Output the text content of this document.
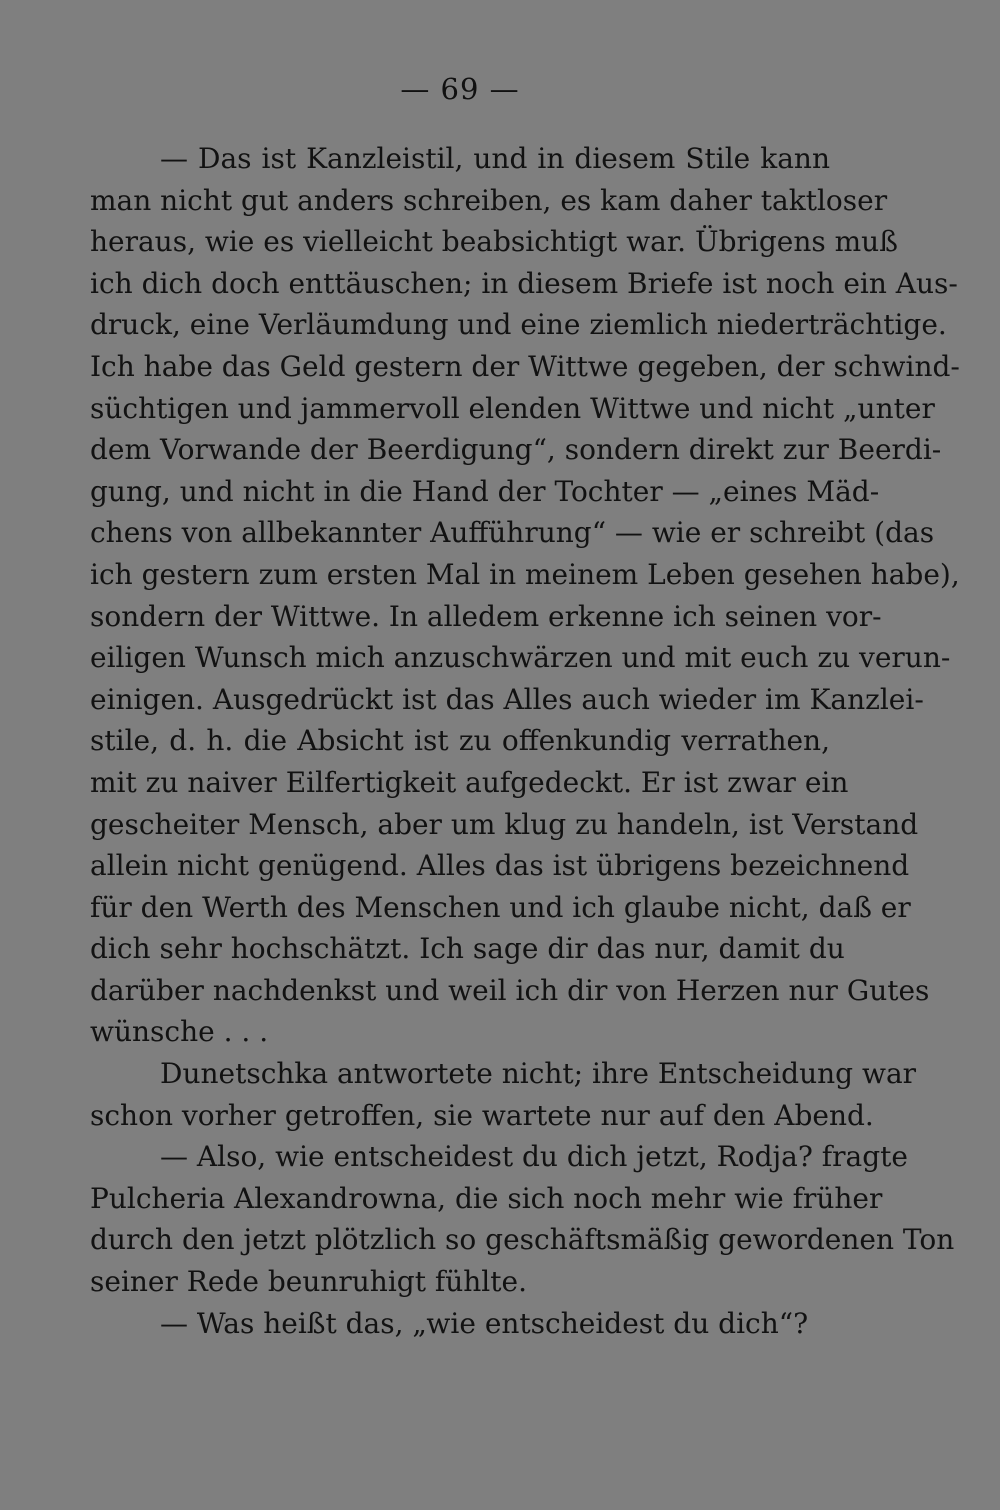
— 69 —
— Das ist Kanzleistil, und in diesem Stile kann
man nicht gut anders schreiben, es kam daher taktloser
heraus, wie es vielleicht beabsichtigt war. Übrigens muß
ich dich doch enttäuschen; in diesem Briefe ist noch ein Aus-
druck, eine Verläumdung und eine ziemlich niederträchtige.
Ich habe das Geld gestern der Wittwe gegeben, der schwind-
süchtigen und jammervoll elenden Wittwe und nicht „unter
dem Vorwande der Beerdigung“, sondern direkt zur Beerdi-
gung, und nicht in die Hand der Tochter — „eines Mäd-
chens von allbekannter Aufführung“ — wie er schreibt (das
ich gestern zum ersten Mal in meinem Leben gesehen habe),
sondern der Wittwe. In alledem erkenne ich seinen vor-
eiligen Wunsch mich anzuschwärzen und mit euch zu verun-
einigen. Ausgedrückt ist das Alles auch wieder im Kanzlei-
stile, d. h. die Absicht ist zu offenkundig verrathen,
mit zu naiver Eilfertigkeit aufgedeckt. Er ist zwar ein
gescheiter Mensch, aber um klug zu handeln, ist Verstand
allein nicht genügend. Alles das ist übrigens bezeichnend
für den Werth des Menschen und ich glaube nicht, daß er
dich sehr hochschätzt. Ich sage dir das nur, damit du
darüber nachdenkst und weil ich dir von Herzen nur Gutes
wünsche . . .
Dunetschka antwortete nicht; ihre Entscheidung war
schon vorher getroffen, sie wartete nur auf den Abend.
— Also, wie entscheidest du dich jetzt, Rodja? fragte
Pulcheria Alexandrowna, die sich noch mehr wie früher
durch den jetzt plötzlich so geschäftsmäßig gewordenen Ton
seiner Rede beunruhigt fühlte.
— Was heißt das, „wie entscheidest du dich“?
